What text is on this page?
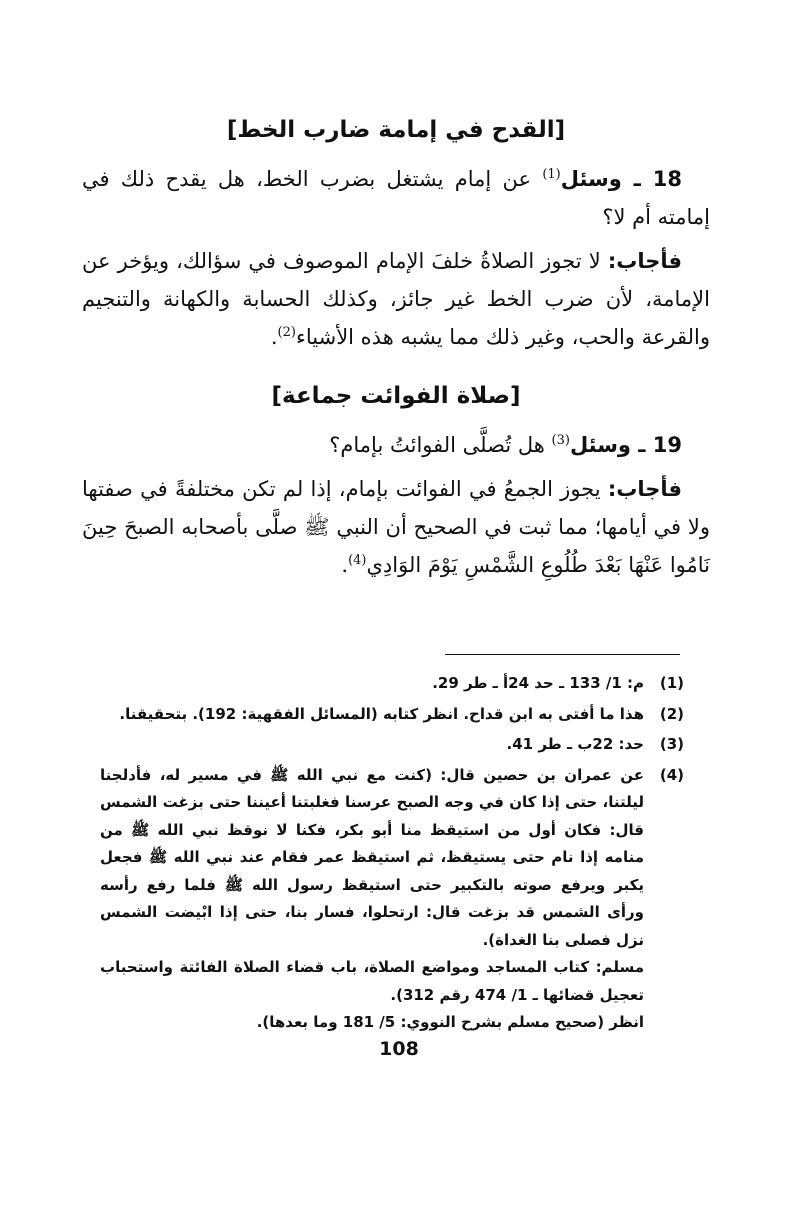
[القدح في إمامة ضارب الخط]

18 ـ وسئل$^{(1)}$ عن إمام يشتغل بضرب الخط، هل يقدح ذلك في إمامته أم لا؟

فأجاب: لا تجوز الصلاةُ خلفَ الإمام الموصوف في سؤالك، ويؤخر عن الإمامة، لأن ضرب الخط غير جائز، وكذلك الحسابة والكهانة والتنجيم والقرعة والحب، وغير ذلك مما يشبه هذه الأشياء$^{(2)}$.

[صلاة الفوائت جماعة]

19 ـ وسئل$^{(3)}$ هل تُصلَّى الفوائتُ بإمام؟

فأجاب: يجوز الجمعُ في الفوائت بإمام، إذا لم تكن مختلفةً في صفتها ولا في أيامها؛ مما ثبت في الصحيح أن النبي ﷺ صلَّى بأصحابه الصبحَ حِينَ نَامُوا عَنْهَا بَعْدَ طُلُوعِ الشَّمْسِ يَوْمَ الوَادِي$^{(4)}$.

(1)
م: 1/ 133 ـ حد 24أ ـ طر 29.
(2)
هذا ما أفتى به ابن قداح. انظر كتابه (المسائل الفقهية: 192). بتحقيقنا.
(3)
حد: 22ب ـ طر 41.
(4)
عن عمران بن حصين قال: (كنت مع نبي الله ﷺ في مسير له، فأدلجنا ليلتنا، حتى إذا كان في وجه الصبح عرسنا فغلبتنا أعيننا حتى بزغت الشمس قال: فكان أول من استيقظ منا أبو بكر، فكنا لا نوقظ نبي الله ﷺ من منامه إذا نام حتى يستيقظ، ثم استيقظ عمر فقام عند نبي الله ﷺ فجعل يكبر ويرفع صوته بالتكبير حتى استيقظ رسول الله ﷺ فلما رفع رأسه ورأى الشمس قد بزغت قال: ارتحلوا، فسار بنا، حتى إذا ابْيضت الشمس نزل فصلى بنا الغداة).
مسلم: كتاب المساجد ومواضع الصلاة، باب قضاء الصلاة الفائتة واستحباب تعجيل قضائها ـ 1/ 474 رقم 312).
انظر (صحيح مسلم بشرح النووي: 5/ 181 وما بعدها).
108
